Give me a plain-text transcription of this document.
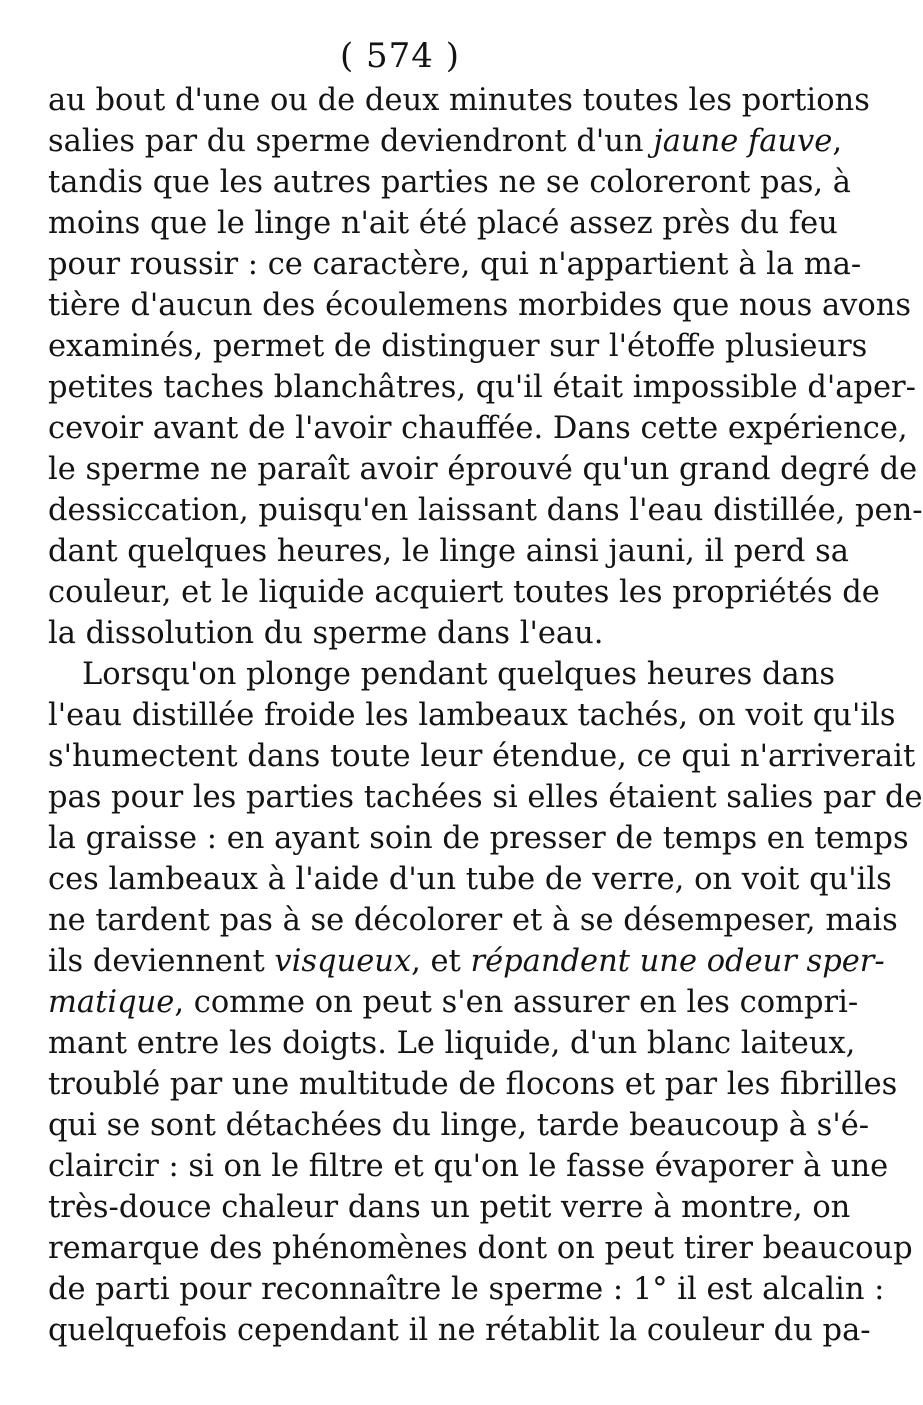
( 574 )
au bout d'une ou de deux minutes toutes les portions
salies par du sperme deviendront d'un jaune fauve,
tandis que les autres parties ne se coloreront pas, à
moins que le linge n'ait été placé assez près du feu
pour roussir : ce caractère, qui n'appartient à la ma-
tière d'aucun des écoulemens morbides que nous avons
examinés, permet de distinguer sur l'étoffe plusieurs
petites taches blanchâtres, qu'il était impossible d'aper-
cevoir avant de l'avoir chauffée. Dans cette expérience,
le sperme ne paraît avoir éprouvé qu'un grand degré de
dessiccation, puisqu'en laissant dans l'eau distillée, pen-
dant quelques heures, le linge ainsi jauni, il perd sa
couleur, et le liquide acquiert toutes les propriétés de
la dissolution du sperme dans l'eau.
Lorsqu'on plonge pendant quelques heures dans
l'eau distillée froide les lambeaux tachés, on voit qu'ils
s'humectent dans toute leur étendue, ce qui n'arriverait
pas pour les parties tachées si elles étaient salies par de
la graisse : en ayant soin de presser de temps en temps
ces lambeaux à l'aide d'un tube de verre, on voit qu'ils
ne tardent pas à se décolorer et à se désempeser, mais
ils deviennent visqueux, et répandent une odeur sper-
matique, comme on peut s'en assurer en les compri-
mant entre les doigts. Le liquide, d'un blanc laiteux,
troublé par une multitude de flocons et par les fibrilles
qui se sont détachées du linge, tarde beaucoup à s'é-
claircir : si on le filtre et qu'on le fasse évaporer à une
très-douce chaleur dans un petit verre à montre, on
remarque des phénomènes dont on peut tirer beaucoup
de parti pour reconnaître le sperme : 1° il est alcalin :
quelquefois cependant il ne rétablit la couleur du pa-
